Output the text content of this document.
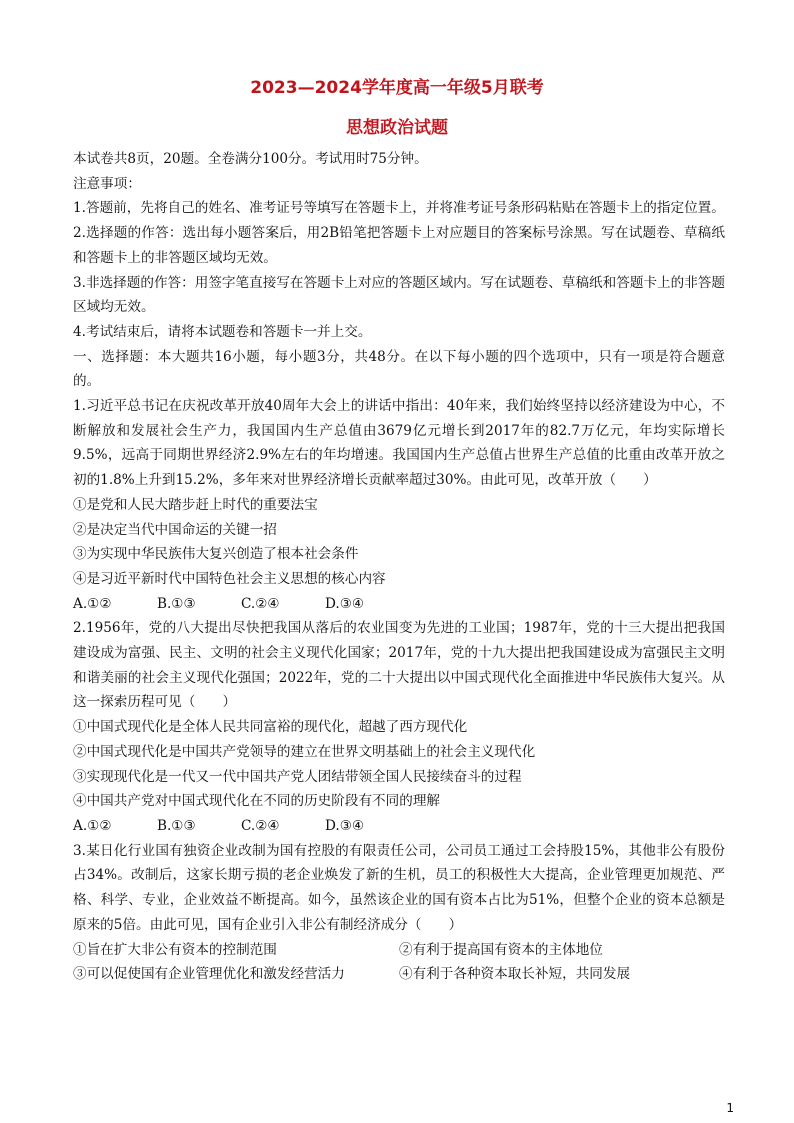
2023—2024学年度高一年级5月联考
思想政治试题

本试卷共8页，20题。全卷满分100分。考试用时75分钟。

注意事项：

1.答题前，先将自己的姓名、准考证号等填写在答题卡上，并将准考证号条形码粘贴在答题卡上的指定位置。

2.选择题的作答：选出每小题答案后，用2B铅笔把答题卡上对应题目的答案标号涂黑。写在试题卷、草稿纸和答题卡上的非答题区域均无效。

3.非选择题的作答：用签字笔直接写在答题卡上对应的答题区域内。写在试题卷、草稿纸和答题卡上的非答题区域均无效。

4.考试结束后，请将本试题卷和答题卡一并上交。

一、选择题：本大题共16小题，每小题3分，共48分。在以下每小题的四个选项中，只有一项是符合题意的。

1.习近平总书记在庆祝改革开放40周年大会上的讲话中指出：40年来，我们始终坚持以经济建设为中心，不断解放和发展社会生产力，我国国内生产总值由3679亿元增长到2017年的82.7万亿元，年均实际增长9.5%，远高于同期世界经济2.9%左右的年均增速。我国国内生产总值占世界生产总值的比重由改革开放之初的1.8%上升到15.2%，多年来对世界经济增长贡献率超过30%。由此可见，改革开放（　　）

①是党和人民大踏步赶上时代的重要法宝

②是决定当代中国命运的关键一招

③为实现中华民族伟大复兴创造了根本社会条件

④是习近平新时代中国特色社会主义思想的核心内容

A.①②	B.①③	C.②④	D.③④

2.1956年，党的八大提出尽快把我国从落后的农业国变为先进的工业国；1987年，党的十三大提出把我国建设成为富强、民主、文明的社会主义现代化国家；2017年，党的十九大提出把我国建设成为富强民主文明和谐美丽的社会主义现代化强国；2022年，党的二十大提出以中国式现代化全面推进中华民族伟大复兴。从这一探索历程可见（　　）

①中国式现代化是全体人民共同富裕的现代化，超越了西方现代化

②中国式现代化是中国共产党领导的建立在世界文明基础上的社会主义现代化

③实现现代化是一代又一代中国共产党人团结带领全国人民接续奋斗的过程

④中国共产党对中国式现代化在不同的历史阶段有不同的理解

A.①②	B.①③	C.②④	D.③④

3.某日化行业国有独资企业改制为国有控股的有限责任公司，公司员工通过工会持股15%，其他非公有股份占34%。改制后，这家长期亏损的老企业焕发了新的生机，员工的积极性大大提高，企业管理更加规范、严格、科学、专业，企业效益不断提高。如今，虽然该企业的国有资本占比为51%，但整个企业的资本总额是原来的5倍。由此可见，国有企业引入非公有制经济成分（　　）

①旨在扩大非公有资本的控制范围	②有利于提高国有资本的主体地位
③可以促使国有企业管理优化和激发经营活力	④有利于各种资本取长补短，共同发展
1
